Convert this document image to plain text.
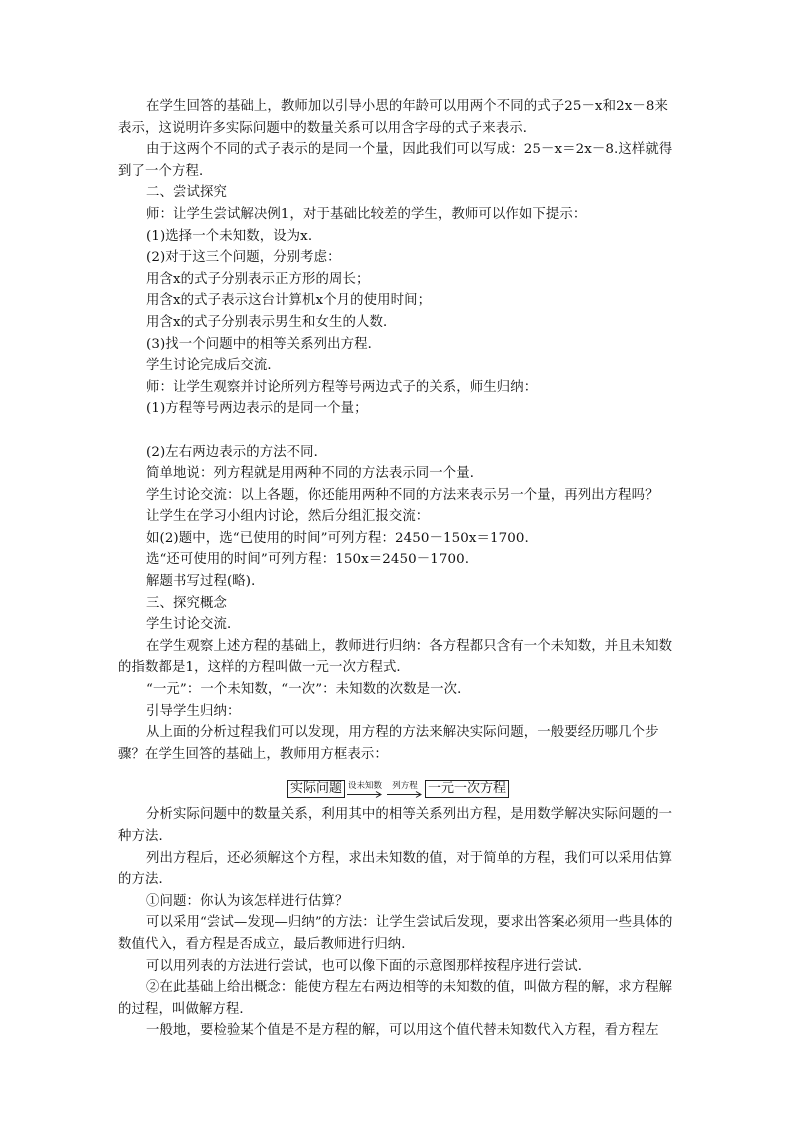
在学生回答的基础上，教师加以引导小思的年龄可以用两个不同的式子25－x和2x－8来表示，这说明许多实际问题中的数量关系可以用含字母的式子来表示．

由于这两个不同的式子表示的是同一个量，因此我们可以写成：25－x＝2x－8.这样就得到了一个方程．

二、尝试探究

师：让学生尝试解决例1，对于基础比较差的学生，教师可以作如下提示：

(1)选择一个未知数，设为x.

(2)对于这三个问题，分别考虑：

用含x的式子分别表示正方形的周长；

用含x的式子表示这台计算机x个月的使用时间；

用含x的式子分别表示男生和女生的人数．

(3)找一个问题中的相等关系列出方程．

学生讨论完成后交流．

师：让学生观察并讨论所列方程等号两边式子的关系，师生归纳：

(1)方程等号两边表示的是同一个量；

(2)左右两边表示的方法不同．

简单地说：列方程就是用两种不同的方法表示同一个量．

学生讨论交流：以上各题，你还能用两种不同的方法来表示另一个量，再列出方程吗？

让学生在学习小组内讨论，然后分组汇报交流：

如(2)题中，选“已使用的时间”可列方程：2450－150x＝1700.

选“还可使用的时间”可列方程：150x＝2450－1700.

解题书写过程(略)．

三、探究概念

学生讨论交流．

在学生观察上述方程的基础上，教师进行归纳：各方程都只含有一个未知数，并且未知数的指数都是1，这样的方程叫做一元一次方程式．

“一元”：一个未知数，“一次”：未知数的次数是一次．

引导学生归纳：

从上面的分析过程我们可以发现，用方程的方法来解决实际问题，一般要经历哪几个步骤？在学生回答的基础上，教师用方框表示：

实际问题 设未知数 列方程 一元一次方程

分析实际问题中的数量关系，利用其中的相等关系列出方程，是用数学解决实际问题的一种方法．

列出方程后，还必须解这个方程，求出未知数的值，对于简单的方程，我们可以采用估算的方法．

①问题：你认为该怎样进行估算？

可以采用“尝试—发现—归纳”的方法：让学生尝试后发现，要求出答案必须用一些具体的数值代入，看方程是否成立，最后教师进行归纳．

可以用列表的方法进行尝试，也可以像下面的示意图那样按程序进行尝试．

②在此基础上给出概念：能使方程左右两边相等的未知数的值，叫做方程的解，求方程解的过程，叫做解方程．

一般地，要检验某个值是不是方程的解，可以用这个值代替未知数代入方程，看方程左
